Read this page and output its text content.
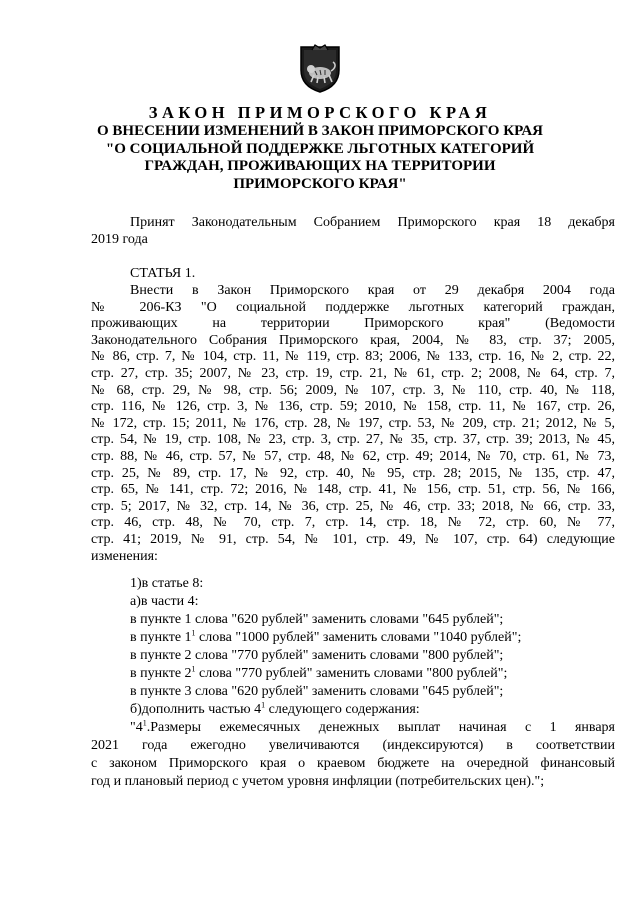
ЗАКОН ПРИМОРСКОГО КРАЯ
О ВНЕСЕНИИ ИЗМЕНЕНИЙ В ЗАКОН ПРИМОРСКОГО КРАЯ
"О СОЦИАЛЬНОЙ ПОДДЕРЖКЕ ЛЬГОТНЫХ КАТЕГОРИЙ
ГРАЖДАН, ПРОЖИВАЮЩИХ НА ТЕРРИТОРИИ
ПРИМОРСКОГО КРАЯ"
Принят Законодательным Собранием Приморского края 18 декабря
2019 года
СТАТЬЯ 1.
Внести в Закон Приморского края от 29 декабря 2004 года
№ 206-КЗ "О социальной поддержке льготных категорий граждан,
проживающих на территории Приморского края" (Ведомости
Законодательного Собрания Приморского края, 2004, № 83, стр. 37; 2005,
№ 86, стр. 7, № 104, стр. 11, № 119, стр. 83; 2006, № 133, стр. 16, № 2, стр. 22,
стр. 27, стр. 35; 2007, № 23, стр. 19, стр. 21, № 61, стр. 2; 2008, № 64, стр. 7,
№ 68, стр. 29, № 98, стр. 56; 2009, № 107, стр. 3, № 110, стр. 40, № 118,
стр. 116, № 126, стр. 3, № 136, стр. 59; 2010, № 158, стр. 11, № 167, стр. 26,
№ 172, стр. 15; 2011, № 176, стр. 28, № 197, стр. 53, № 209, стр. 21; 2012, № 5,
стр. 54, № 19, стр. 108, № 23, стр. 3, стр. 27, № 35, стр. 37, стр. 39; 2013, № 45,
стр. 88, № 46, стр. 57, № 57, стр. 48, № 62, стр. 49; 2014, № 70, стр. 61, № 73,
стр. 25, № 89, стр. 17, № 92, стр. 40, № 95, стр. 28; 2015, № 135, стр. 47,
стр. 65, № 141, стр. 72; 2016, № 148, стр. 41, № 156, стр. 51, стр. 56, № 166,
стр. 5; 2017, № 32, стр. 14, № 36, стр. 25, № 46, стр. 33; 2018, № 66, стр. 33,
стр. 46, стр. 48, № 70, стр. 7, стр. 14, стр. 18, № 72, стр. 60, № 77,
стр. 41; 2019, № 91, стр. 54, № 101, стр. 49, № 107, стр. 64) следующие
изменения:
1)в статье 8:
а)в части 4:
в пункте 1 слова "620 рублей" заменить словами "645 рублей";
в пункте $1^1$ слова "1000 рублей" заменить словами "1040 рублей";
в пункте 2 слова "770 рублей" заменить словами "800 рублей";
в пункте $2^1$ слова "770 рублей" заменить словами "800 рублей";
в пункте 3 слова "620 рублей" заменить словами "645 рублей";
б)дополнить частью $4^1$ следующего содержания:
"$4^1.Размеры$ ежемесячных денежных выплат начиная с 1 января
2021 года ежегодно увеличиваются (индексируются) в соответствии
с законом Приморского края о краевом бюджете на очередной финансовый
год и плановый период с учетом уровня инфляции (потребительских цен).";
